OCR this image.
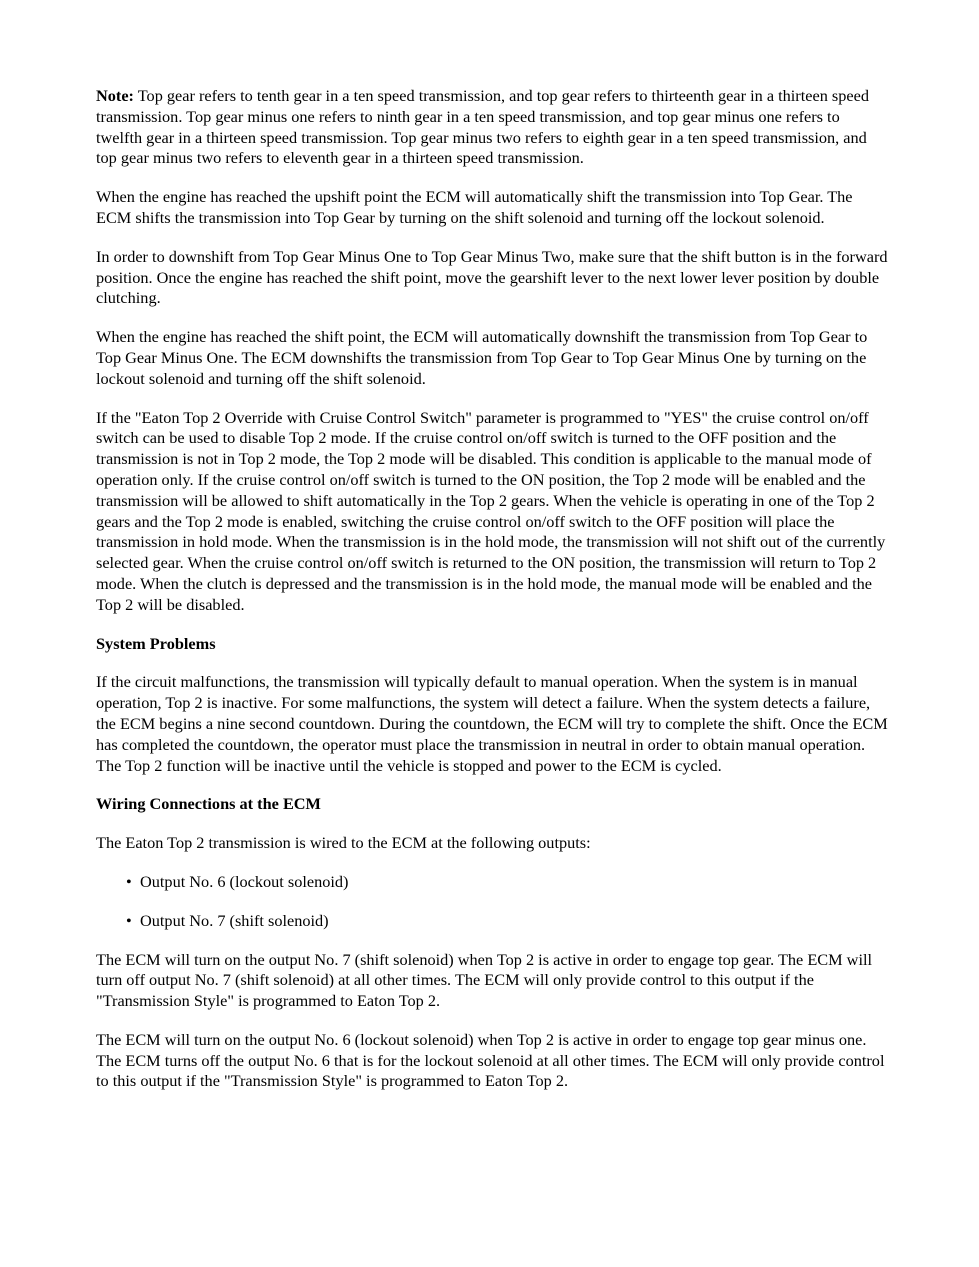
Note: Top gear refers to tenth gear in a ten speed transmission, and top gear refers to thirteenth gear in a thirteen speed transmission. Top gear minus one refers to ninth gear in a ten speed transmission, and top gear minus one refers to twelfth gear in a thirteen speed transmission. Top gear minus two refers to eighth gear in a ten speed transmission, and top gear minus two refers to eleventh gear in a thirteen speed transmission.

When the engine has reached the upshift point the ECM will automatically shift the transmission into Top Gear. The ECM shifts the transmission into Top Gear by turning on the shift solenoid and turning off the lockout solenoid.

In order to downshift from Top Gear Minus One to Top Gear Minus Two, make sure that the shift button is in the forward position. Once the engine has reached the shift point, move the gearshift lever to the next lower lever position by double clutching.

When the engine has reached the shift point, the ECM will automatically downshift the transmission from Top Gear to Top Gear Minus One. The ECM downshifts the transmission from Top Gear to Top Gear Minus One by turning on the lockout solenoid and turning off the shift solenoid.

If the "Eaton Top 2 Override with Cruise Control Switch" parameter is programmed to "YES" the cruise control on/off switch can be used to disable Top 2 mode. If the cruise control on/off switch is turned to the OFF position and the transmission is not in Top 2 mode, the Top 2 mode will be disabled. This condition is applicable to the manual mode of operation only. If the cruise control on/off switch is turned to the ON position, the Top 2 mode will be enabled and the transmission will be allowed to shift automatically in the Top 2 gears. When the vehicle is operating in one of the Top 2 gears and the Top 2 mode is enabled, switching the cruise control on/off switch to the OFF position will place the transmission in hold mode. When the transmission is in the hold mode, the transmission will not shift out of the currently selected gear. When the cruise control on/off switch is returned to the ON position, the transmission will return to Top 2 mode. When the clutch is depressed and the transmission is in the hold mode, the manual mode will be enabled and the Top 2 will be disabled.

System Problems

If the circuit malfunctions, the transmission will typically default to manual operation. When the system is in manual operation, Top 2 is inactive. For some malfunctions, the system will detect a failure. When the system detects a failure, the ECM begins a nine second countdown. During the countdown, the ECM will try to complete the shift. Once the ECM has completed the countdown, the operator must place the transmission in neutral in order to obtain manual operation. The Top 2 function will be inactive until the vehicle is stopped and power to the ECM is cycled.

Wiring Connections at the ECM

The Eaton Top 2 transmission is wired to the ECM at the following outputs:

• Output No. 6 (lockout solenoid)
• Output No. 7 (shift solenoid)

The ECM will turn on the output No. 7 (shift solenoid) when Top 2 is active in order to engage top gear. The ECM will turn off output No. 7 (shift solenoid) at all other times. The ECM will only provide control to this output if the "Transmission Style" is programmed to Eaton Top 2.

The ECM will turn on the output No. 6 (lockout solenoid) when Top 2 is active in order to engage top gear minus one. The ECM turns off the output No. 6 that is for the lockout solenoid at all other times. The ECM will only provide control to this output if the "Transmission Style" is programmed to Eaton Top 2.
